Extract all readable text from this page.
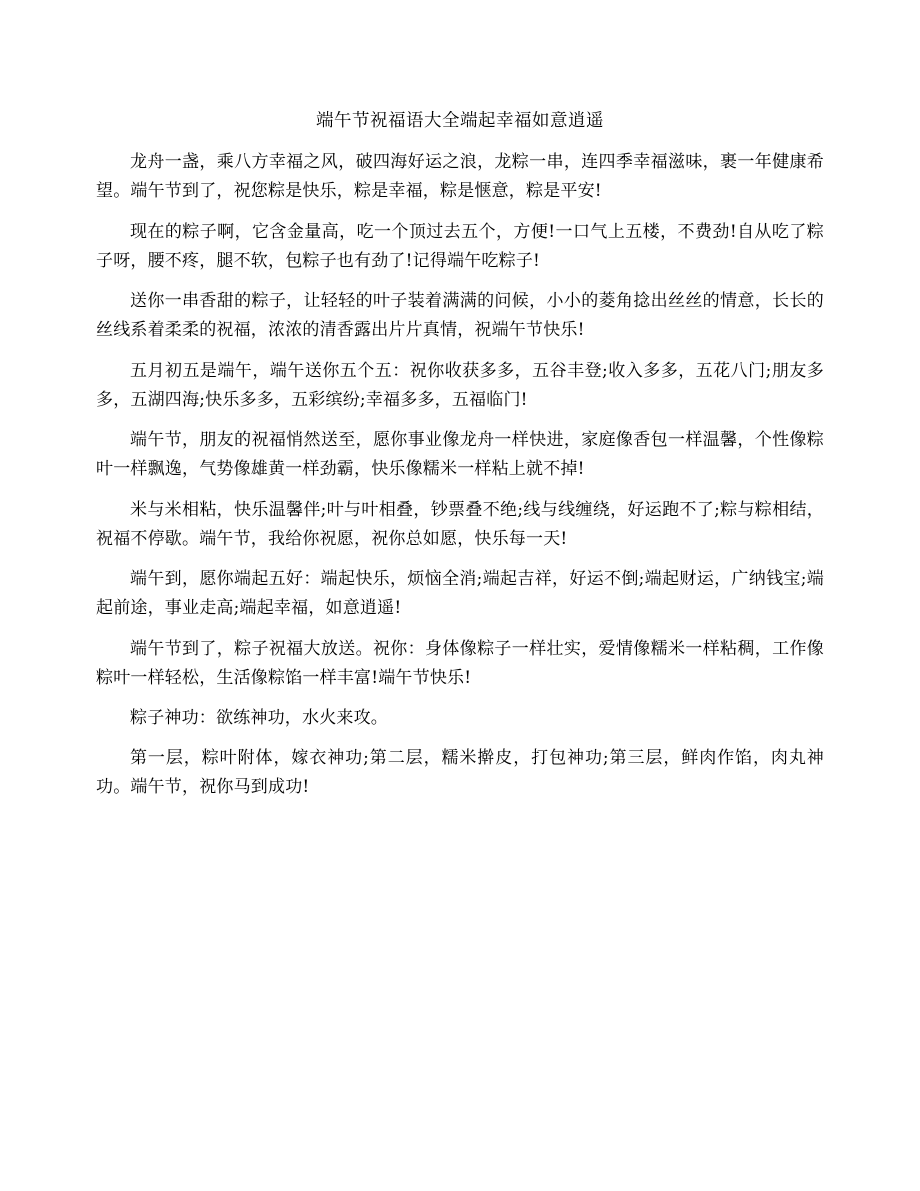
端午节祝福语大全端起幸福如意逍遥

龙舟一盏，乘八方幸福之风，破四海好运之浪，龙粽一串，连四季幸福滋味，裹一年健康希望。端午节到了，祝您粽是快乐，粽是幸福，粽是惬意，粽是平安!

现在的粽子啊，它含金量高，吃一个顶过去五个，方便!一口气上五楼，不费劲!自从吃了粽子呀，腰不疼，腿不软，包粽子也有劲了!记得端午吃粽子!

送你一串香甜的粽子，让轻轻的叶子装着满满的问候，小小的菱角捻出丝丝的情意，长长的丝线系着柔柔的祝福，浓浓的清香露出片片真情，祝端午节快乐!

五月初五是端午，端午送你五个五：祝你收获多多，五谷丰登;收入多多，五花八门;朋友多多，五湖四海;快乐多多，五彩缤纷;幸福多多，五福临门!

端午节，朋友的祝福悄然送至，愿你事业像龙舟一样快进，家庭像香包一样温馨，个性像粽叶一样飘逸，气势像雄黄一样劲霸，快乐像糯米一样粘上就不掉!

米与米相粘，快乐温馨伴;叶与叶相叠，钞票叠不绝;线与线缠绕，好运跑不了;粽与粽相结，祝福不停歇。端午节，我给你祝愿，祝你总如愿，快乐每一天!

端午到，愿你端起五好：端起快乐，烦恼全消;端起吉祥，好运不倒;端起财运，广纳钱宝;端起前途，事业走高;端起幸福，如意逍遥!

端午节到了，粽子祝福大放送。祝你：身体像粽子一样壮实，爱情像糯米一样粘稠，工作像粽叶一样轻松，生活像粽馅一样丰富!端午节快乐!

粽子神功：欲练神功，水火来攻。

第一层，粽叶附体，嫁衣神功;第二层，糯米擀皮，打包神功;第三层，鲜肉作馅，肉丸神功。端午节，祝你马到成功!
